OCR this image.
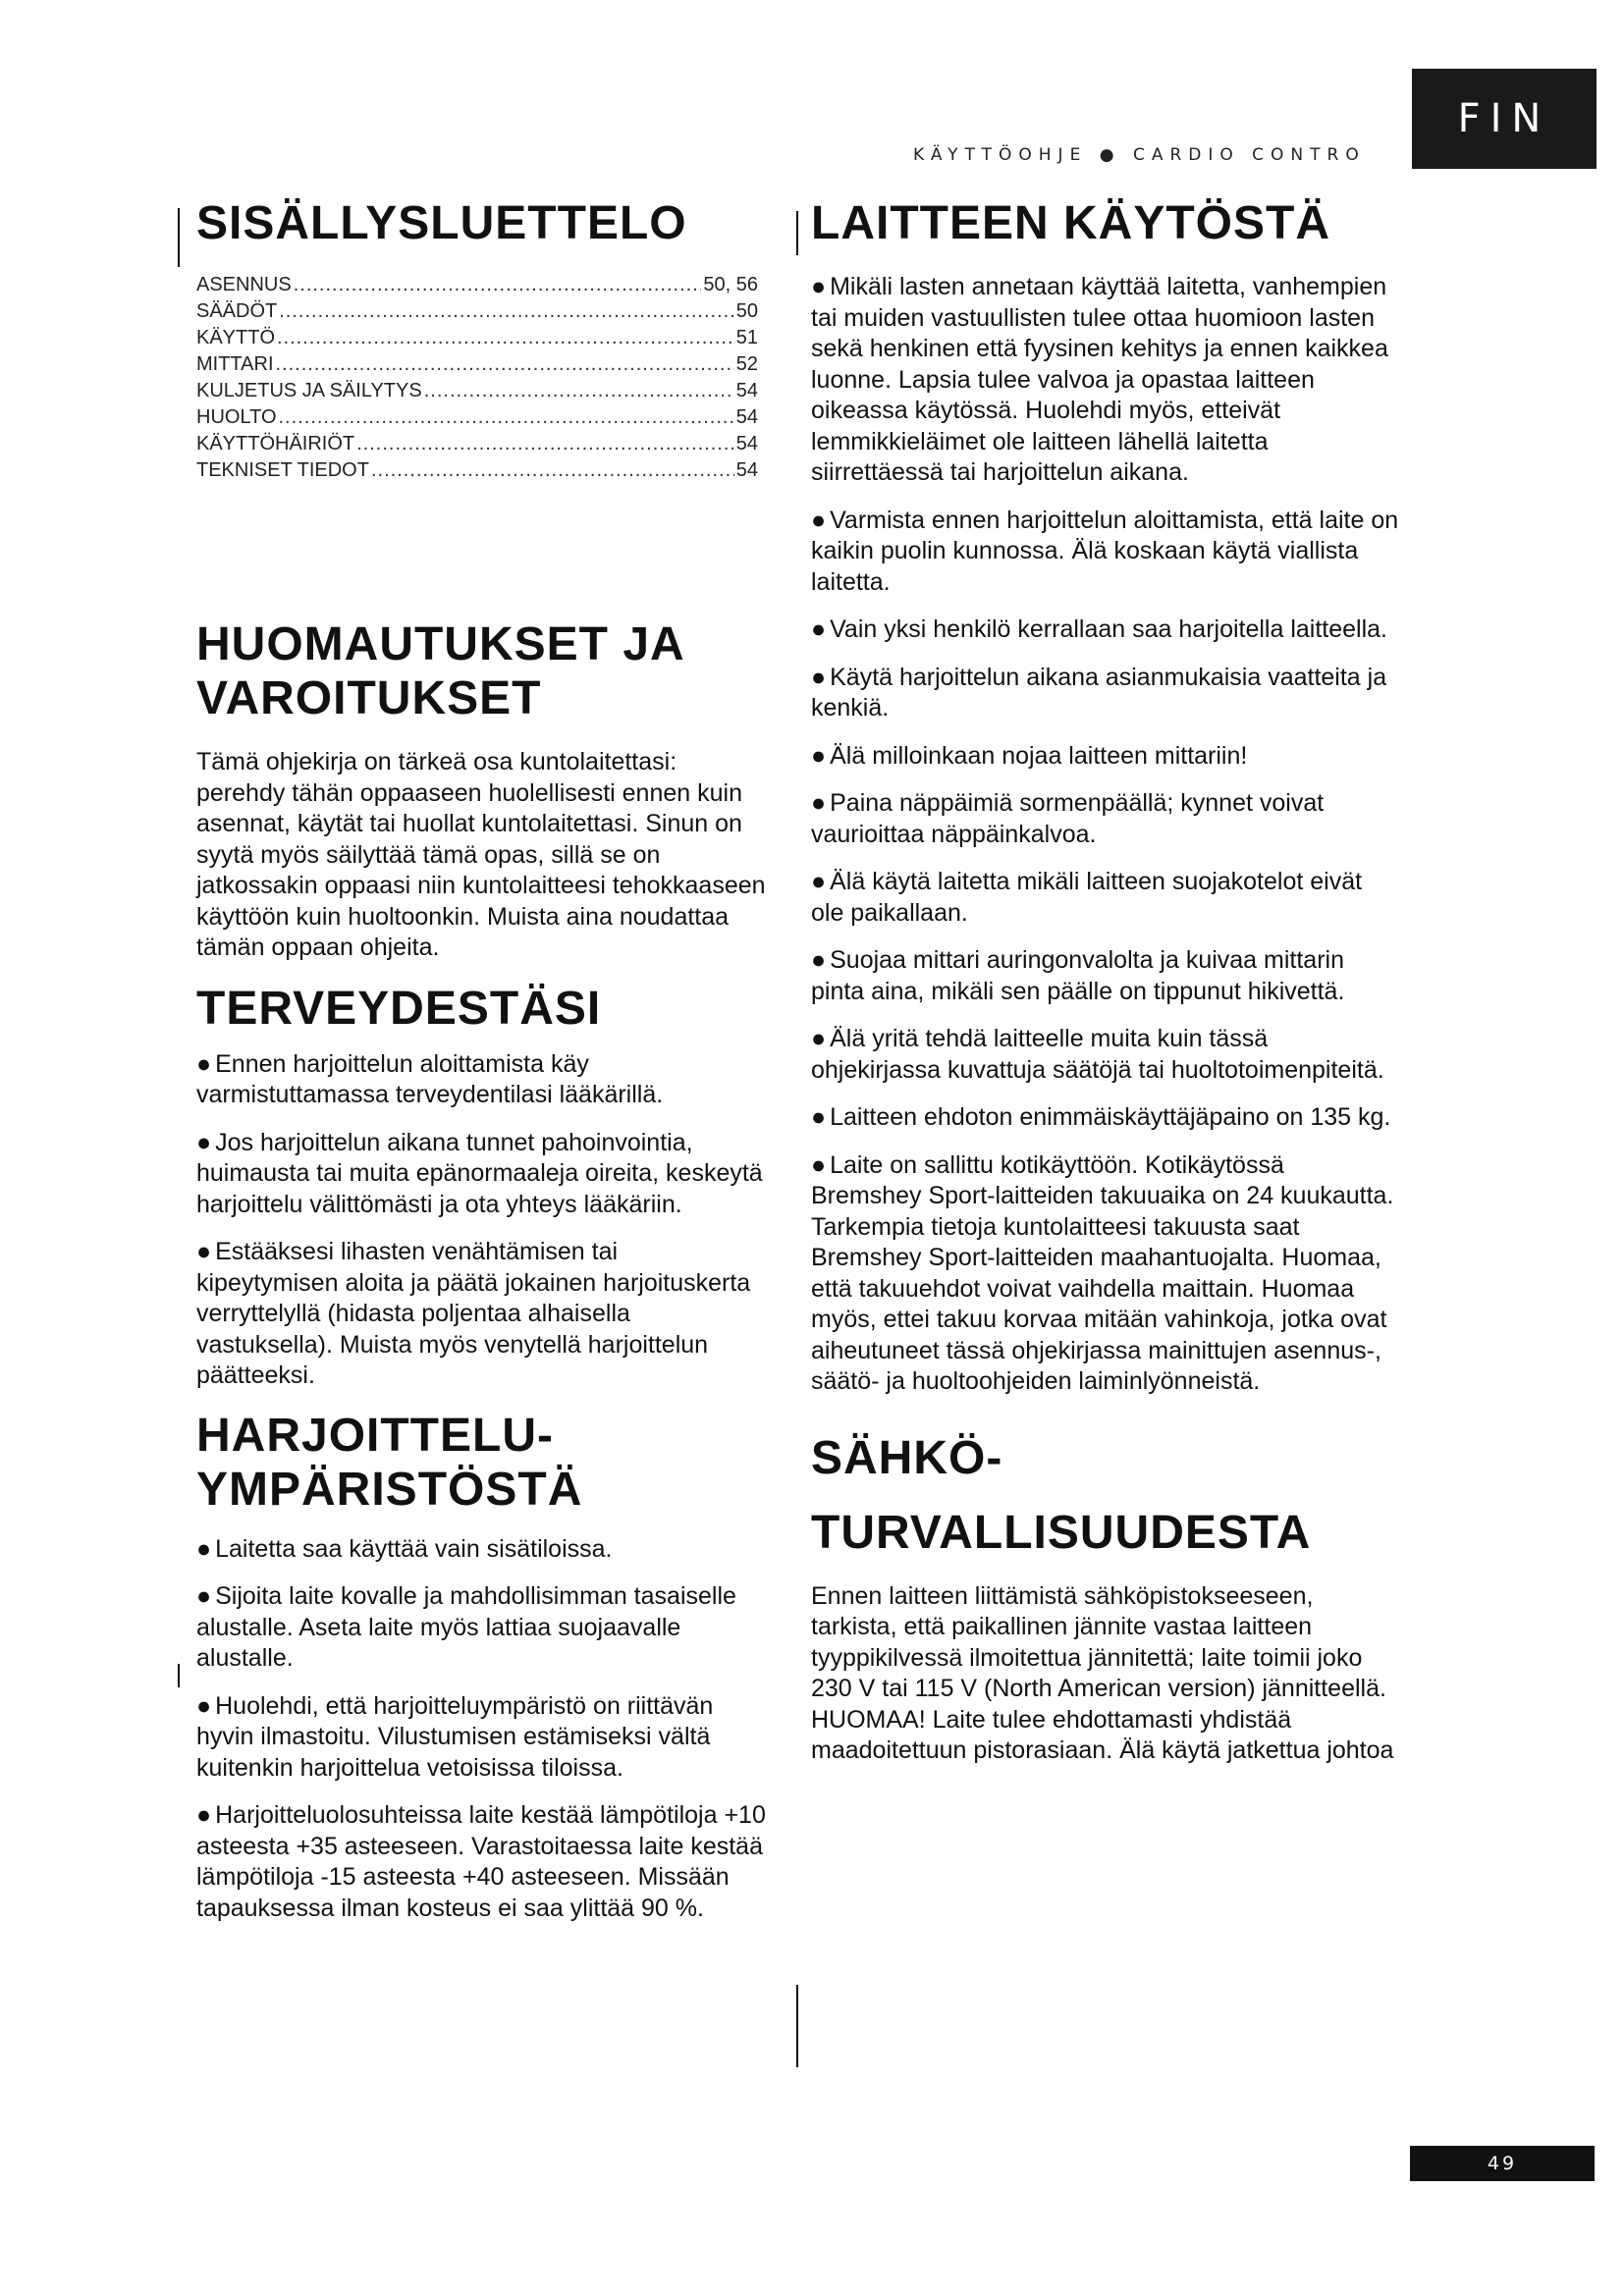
KÄYTTÖOHJE ● CARDIO CONTRO
FIN
SISÄLLYSLUETTELO
ASENNUS .....	50, 56
SÄÄDÖT .....	50
KÄYTTÖ .....	51
MITTARI .....	52
KULJETUS JA SÄILYTYS .....	54
HUOLTO .....	54
KÄYTTÖHÄIRIÖT .....	54
TEKNISET TIEDOT .....	54
HUOMAUTUKSET JA
VAROITUKSET

Tämä ohjekirja on tärkeä osa kuntolaitettasi: perehdy tähän oppaaseen huolellisesti ennen kuin asennat, käytät tai huollat kuntolaitettasi. Sinun on syytä myös säilyttää tämä opas, sillä se on jatkossakin oppaasi niin kuntolaitteesi tehokkaaseen käyttöön kuin huoltoonkin. Muista aina noudattaa tämän oppaan ohjeita.

TERVEYDESTÄSI

● Ennen harjoittelun aloittamista käy varmistuttamassa terveydentilasi lääkärillä.

● Jos harjoittelun aikana tunnet pahoinvointia, huimausta tai muita epänormaaleja oireita, keskeytä harjoittelu välittömästi ja ota yhteys lääkäriin.

● Estääksesi lihasten venähtämisen tai kipeytymisen aloita ja päätä jokainen harjoituskerta verryttelyllä (hidasta poljentaa alhaisella vastuksella). Muista myös venytellä harjoittelun päätteeksi.

HARJOITTELU-
YMPÄRISTÖSTÄ

● Laitetta saa käyttää vain sisätiloissa.

● Sijoita laite kovalle ja mahdollisimman tasaiselle alustalle. Aseta laite myös lattiaa suojaavalle alustalle.

● Huolehdi, että harjoitteluympäristö on riittävän hyvin ilmastoitu. Vilustumisen estämiseksi vältä kuitenkin harjoittelua vetoisissa tiloissa.

● Harjoitteluolosuhteissa laite kestää lämpötiloja +10 asteesta +35 asteeseen. Varastoitaessa laite kestää lämpötiloja -15 asteesta +40 asteeseen. Missään tapauksessa ilman kosteus ei saa ylittää 90 %.

LAITTEEN KÄYTÖSTÄ

● Mikäli lasten annetaan käyttää laitetta, vanhempien tai muiden vastuullisten tulee ottaa huomioon lasten sekä henkinen että fyysinen kehitys ja ennen kaikkea luonne. Lapsia tulee valvoa ja opastaa laitteen oikeassa käytössä. Huolehdi myös, etteivät lemmikkieläimet ole laitteen lähellä laitetta siirrettäessä tai harjoittelun aikana.

● Varmista ennen harjoittelun aloittamista, että laite on kaikin puolin kunnossa. Älä koskaan käytä viallista laitetta.

● Vain yksi henkilö kerrallaan saa harjoitella laitteella.

● Käytä harjoittelun aikana asianmukaisia vaatteita ja kenkiä.

● Älä milloinkaan nojaa laitteen mittariin!

● Paina näppäimiä sormenpäällä; kynnet voivat vaurioittaa näppäinkalvoa.

● Älä käytä laitetta mikäli laitteen suojakotelot eivät ole paikallaan.

● Suojaa mittari auringonvalolta ja kuivaa mittarin pinta aina, mikäli sen päälle on tippunut hikivettä.

● Älä yritä tehdä laitteelle muita kuin tässä ohjekirjassa kuvattuja säätöjä tai huoltotoimenpiteitä.

● Laitteen ehdoton enimmäiskäyttäjäpaino on 135 kg.

● Laite on sallittu kotikäyttöön. Kotikäytössä Bremshey Sport-laitteiden takuuaika on 24 kuukautta. Tarkempia tietoja kuntolaitteesi takuusta saat Bremshey Sport-laitteiden maahantuojalta. Huomaa, että takuuehdot voivat vaihdella maittain. Huomaa myös, ettei takuu korvaa mitään vahinkoja, jotka ovat aiheutuneet tässä ohjekirjassa mainittujen asennus-, säätö- ja huoltoohjeiden laiminlyönneistä.

SÄHKÖ-
TURVALLISUUDESTA

Ennen laitteen liittämistä sähköpistokseeseen, tarkista, että paikallinen jännite vastaa laitteen tyyppikilvessä ilmoitettua jännitettä; laite toimii joko 230 V tai 115 V (North American version) jännitteellä. HUOMAA! Laite tulee ehdottamasti yhdistää maadoitettuun pistorasiaan. Älä käytä jatkettua johtoa

49
